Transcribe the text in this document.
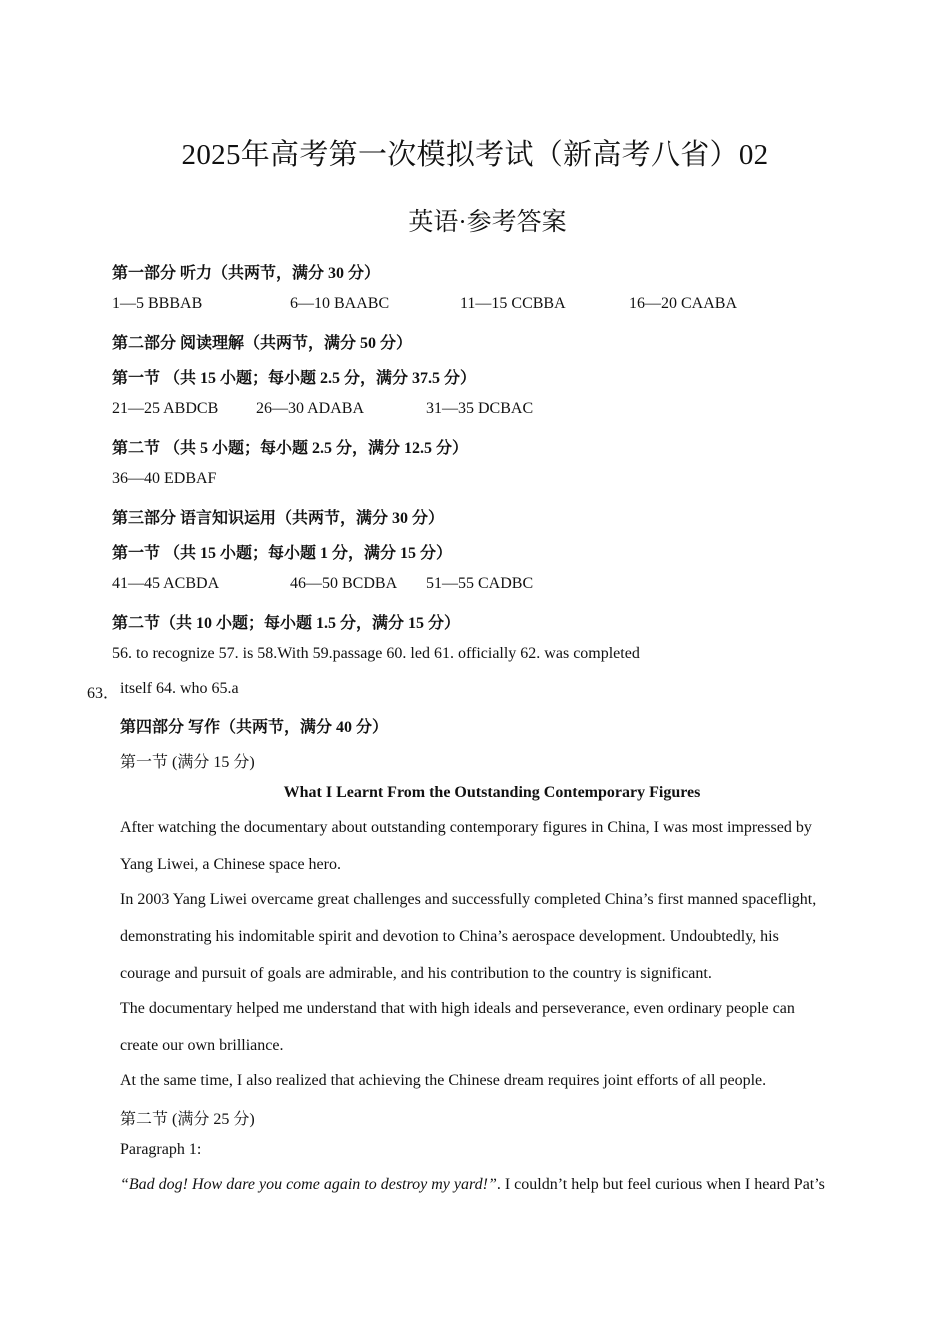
2025年高考第一次模拟考试（新高考八省）02
英语·参考答案
第一部分 听力（共两节，满分 30 分）
1—5 BBBAB	6—10 BAABC	11—15 CCBBA	16—20 CAABA
第二部分 阅读理解（共两节，满分 50 分）
第一节 （共 15 小题；每小题 2.5 分，满分 37.5 分）
21—25 ABDCB 26—30 ADABA	31—35 DCBAC
第二节 （共 5 小题；每小题 2.5 分，满分 12.5 分）
36—40 EDBAF
第三部分 语言知识运用（共两节，满分 30 分）
第一节 （共 15 小题；每小题 1 分，满分 15 分）
41—45 ACBDA	46—50 BCDBA 51—55 CADBC
第二节（共 10 小题；每小题 1.5 分，满分 15 分）
56. to recognize 57. is 58.With 59.passage 60. led 61. officially 62. was completed
63． itself 64. who 65.a
第四部分 写作（共两节，满分 40 分）
第一节 (满分 15 分)
What I Learnt From the Outstanding Contemporary Figures
After watching the documentary about outstanding contemporary figures in China, I was most impressed by
Yang Liwei, a Chinese space hero.
In 2003 Yang Liwei overcame great challenges and successfully completed China’s first manned spaceflight,
demonstrating his indomitable spirit and devotion to China’s aerospace development. Undoubtedly, his
courage and pursuit of goals are admirable, and his contribution to the country is significant.
The documentary helped me understand that with high ideals and perseverance, even ordinary people can
create our own brilliance.
At the same time, I also realized that achieving the Chinese dream requires joint efforts of all people.
第二节 (满分 25 分)
Paragraph 1:
“Bad dog! How dare you come again to destroy my yard!”. I couldn’t help but feel curious when I heard Pat’s
